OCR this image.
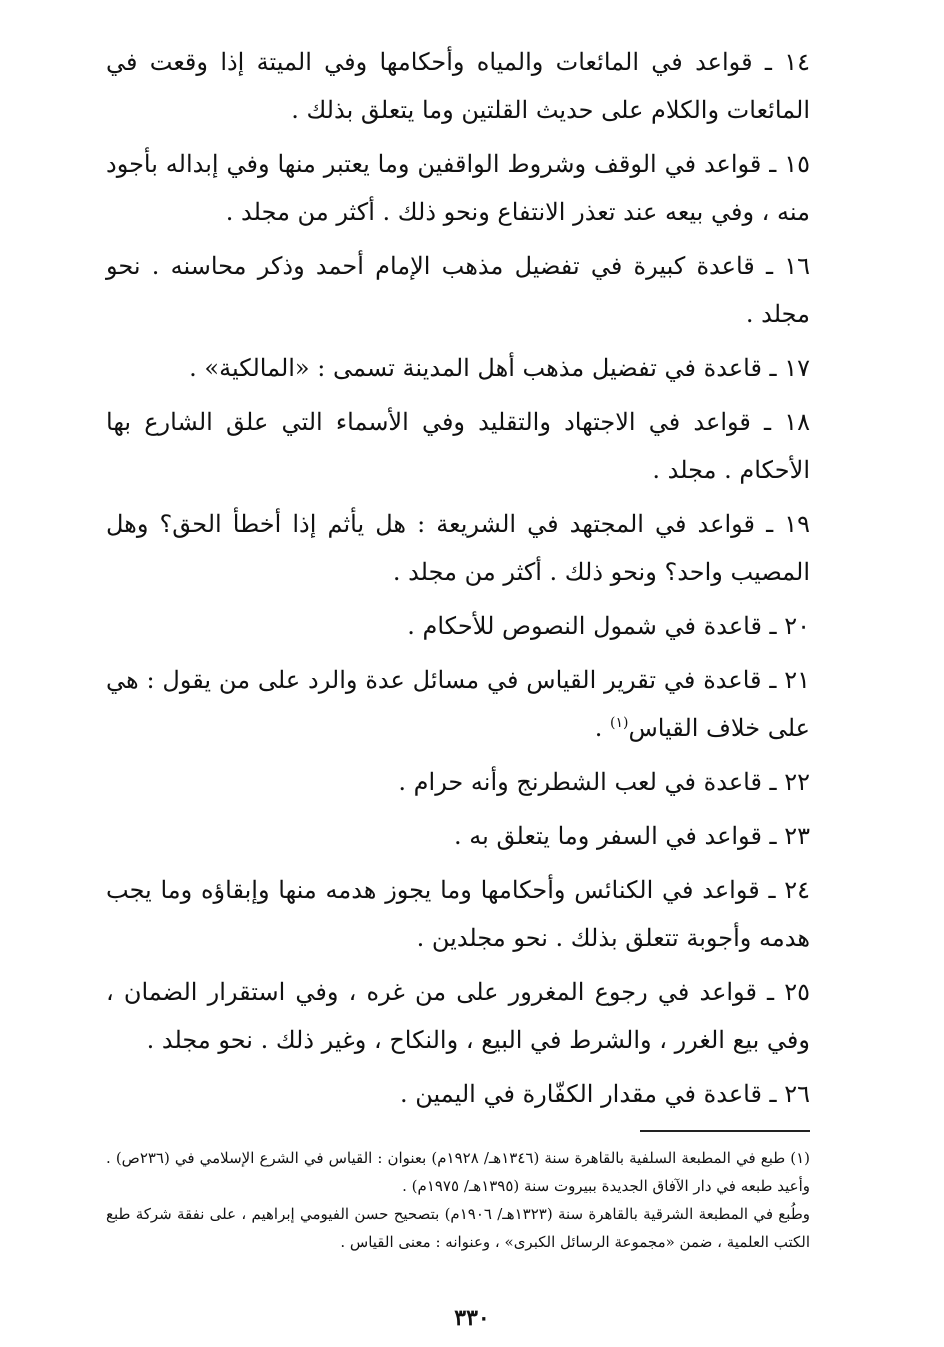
١٤ ـ قواعد في المائعات والمياه وأحكامها وفي الميتة إذا وقعت في المائعات والكلام على حديث القلتين وما يتعلق بذلك .

١٥ ـ قواعد في الوقف وشروط الواقفين وما يعتبر منها وفي إبداله بأجود منه ، وفي بيعه عند تعذر الانتفاع ونحو ذلك . أكثر من مجلد .

١٦ ـ قاعدة كبيرة في تفضيل مذهب الإمام أحمد وذكر محاسنه . نحو مجلد .

١٧ ـ قاعدة في تفضيل مذهب أهل المدينة تسمى : «المالكية» .

١٨ ـ قواعد في الاجتهاد والتقليد وفي الأسماء التي علق الشارع بها الأحكام . مجلد .

١٩ ـ قواعد في المجتهد في الشريعة : هل يأثم إذا أخطأ الحق؟ وهل المصيب واحد؟ ونحو ذلك . أكثر من مجلد .

٢٠ ـ قاعدة في شمول النصوص للأحكام .

٢١ ـ قاعدة في تقرير القياس في مسائل عدة والرد على من يقول : هي على خلاف القياس$^{(١)}$ .

٢٢ ـ قاعدة في لعب الشطرنج وأنه حرام .

٢٣ ـ قواعد في السفر وما يتعلق به .

٢٤ ـ قواعد في الكنائس وأحكامها وما يجوز هدمه منها وإبقاؤه وما يجب هدمه وأجوبة تتعلق بذلك . نحو مجلدين .

٢٥ ـ قواعد في رجوع المغرور على من غره ، وفي استقرار الضمان ، وفي بيع الغرر ، والشرط في البيع ، والنكاح ، وغير ذلك . نحو مجلد .

٢٦ ـ قاعدة في مقدار الكفّارة في اليمين .

(١) طبع في المطبعة السلفية بالقاهرة سنة (١٣٤٦هـ/ ١٩٢٨م) بعنوان : القياس في الشرع الإسلامي في (٢٣٦ص) . وأعيد طبعه في دار الآفاق الجديدة ببيروت سنة (١٣٩٥هـ/ ١٩٧٥م) .

وطُبع في المطبعة الشرقية بالقاهرة سنة (١٣٢٣هـ/ ١٩٠٦م) بتصحيح حسن الفيومي إبراهيم ، على نفقة شركة طبع الكتب العلمية ، ضمن «مجموعة الرسائل الكبرى» ، وعنوانه : معنى القياس .

٣٣٠
